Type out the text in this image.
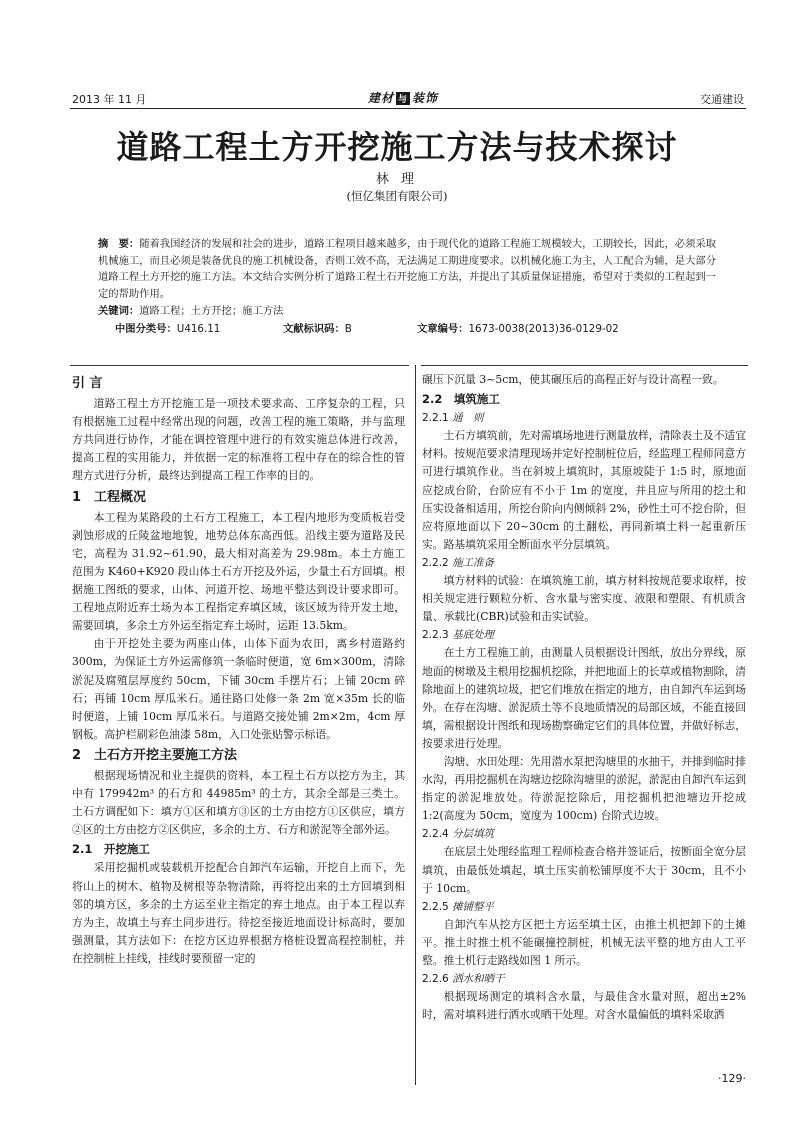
2013 年 11 月	建材 与 装饰	交通建设
道路工程土方开挖施工方法与技术探讨
林 理
(恒亿集团有限公司)

摘　要：随着我国经济的发展和社会的进步，道路工程项目越来越多，由于现代化的道路工程施工规模较大，工期较长，因此，必须采取机械施工，而且必须是装备优良的施工机械设备，否则工效不高，无法满足工期进度要求。以机械化施工为主，人工配合为辅，是大部分道路工程土方开挖的施工方法。本文结合实例分析了道路工程土石开挖施工方法，并提出了其质量保证措施，希望对于类似的工程起到一定的帮助作用。

关键词：道路工程；土方开挖；施工方法
中图分类号：U416.11	文献标识码：B	文章编号：1673-0038(2013)36-0129-02
引 言

道路工程土方开挖施工是一项技术要求高、工序复杂的工程，只有根据施工过程中经常出现的问题，改善工程的施工策略，并与监理方共同进行协作，才能在调控管理中进行的有效实施总体进行改善，提高工程的实用能力，并依据一定的标准将工程中存在的综合性的管理方式进行分析，最终达到提高工程工作率的目的。

1　工程概况

本工程为某路段的土石方工程施工，本工程内地形为变质板岩受剥蚀形成的丘陵盆地地貌，地势总体东高西低。沿线主要为道路及民宅，高程为 31.92~61.90，最大相对高差为 29.98m。本土方施工范围为 K460+K920 段山体土石方开挖及外运，少量土石方回填。根据施工图纸的要求，山体、河道开挖、场地平整达到设计要求即可。工程地点附近弃土场为本工程指定弃填区域，该区域为待开发土地，需要回填，多余土方外运至指定弃土场时，运距 13.5km。

由于开挖处主要为两座山体，山体下面为农田，离乡村道路约 300m，为保证土方外运需修筑一条临时便道，宽 6m×300m，清除淤泥及腐殖层厚度约 50cm，下铺 30cm 手摆片石；上铺 20cm 碎石；再铺 10cm 厚瓜米石。通往路口处修一条 2m 宽×35m 长的临时便道，上铺 10cm 厚瓜米石。与道路交接处铺 2m×2m，4cm 厚钢板。高护栏刷彩色油漆 58m，入口处张贴警示标语。

2　土石方开挖主要施工方法

根据现场情况和业主提供的资料，本工程土石方以挖方为主，其中有 179942m³ 的石方和 44985m³ 的土方，其余全部是三类土。土石方调配如下：填方①区和填方③区的土方由挖方①区供应，填方②区的土方由挖方②区供应，多余的土方、石方和淤泥等全部外运。

2.1　开挖施工

采用挖掘机或装载机开挖配合自卸汽车运输，开挖自上而下，先将山上的树木、植物及树根等杂物清除，再将挖出来的土方回填到相邻的填方区，多余的土方运至业主指定的弃土地点。由于本工程以弃方为主，故填土与弃土同步进行。待挖至接近地面设计标高时，要加强测量，其方法如下：在挖方区边界根据方格桩设置高程控制桩，并在控制桩上挂线，挂线时要预留一定的

碾压下沉量 3~5cm，使其碾压后的高程正好与设计高程一致。

2.2　填筑施工
2.2.1 通　则

土石方填筑前，先对需填场地进行测量放样，清除表土及不适宜材料。按规范要求清理现场并定好控制桩位后，经监理工程师同意方可进行填筑作业。当在斜坡上填筑时，其原坡陡于 1:5 时，原地面应挖成台阶，台阶应有不小于 1m 的宽度，并且应与所用的挖土和压实设备相适用，所挖台阶向内侧倾斜 2%，砂性土可不挖台阶，但应将原地面以下 20~30cm 的土翻松，再同新填土料一起重新压实。路基填筑采用全断面水平分层填筑。

2.2.2 施工准备

填方材料的试验：在填筑施工前，填方材料按规范要求取样，按相关规定进行颗粒分析、含水量与密实度、液限和塑限、有机质含量、承载比(CBR)试验和击实试验。

2.2.3 基底处理

在土方工程施工前，由测量人员根据设计图纸，放出分界线，原地面的树墩及主根用挖掘机挖除，并把地面上的长草或植物割除，清除地面上的建筑垃圾，把它们堆放在指定的地方，由自卸汽车运到场外。在存在沟塘、淤泥质土等不良地质情况的局部区域，不能直接回填，需根据设计图纸和现场勘察确定它们的具体位置，并做好标志，按要求进行处理。

沟塘、水田处理：先用潜水泵把沟塘里的水抽干，并排到临时排水沟，再用挖掘机在沟塘边挖除沟塘里的淤泥，淤泥由自卸汽车运到指定的淤泥堆放处。待淤泥挖除后，用挖掘机把池塘边开挖成 1:2(高度为 50cm，宽度为 100cm) 台阶式边坡。

2.2.4 分层填筑

在底层土处理经监理工程师检查合格并签证后，按断面全宽分层填筑，由最低处填起，填土压实前松铺厚度不大于 30cm，且不小于 10cm。

2.2.5 摊铺整平

自卸汽车从挖方区把土方运至填土区，由推土机把卸下的土摊平。推土时推土机不能碾撞控制桩，机械无法平整的地方由人工平整。推土机行走路线如图 1 所示。

2.2.6 洒水和晒干

根据现场测定的填料含水量，与最佳含水量对照，超出±2%时，需对填料进行洒水或晒干处理。对含水量偏低的填料采取洒

·129·
